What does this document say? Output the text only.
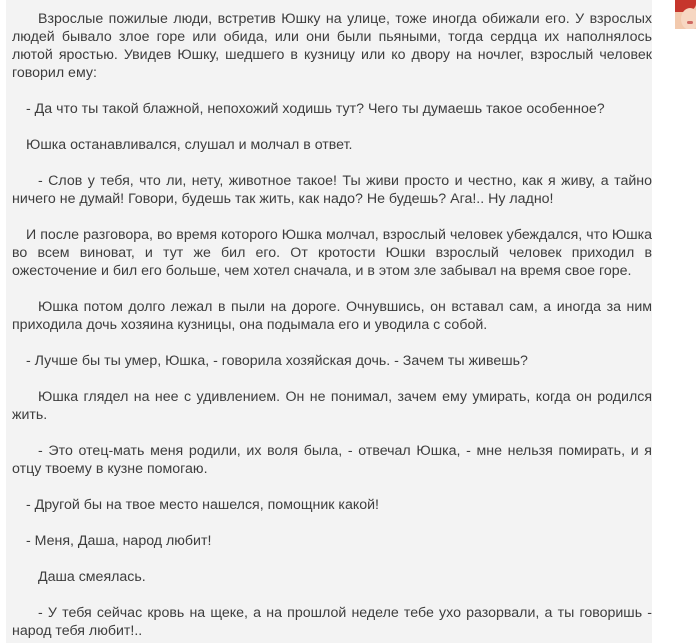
Взрослые пожилые люди, встретив Юшку на улице, тоже иногда обижали его. У взрослых людей бывало злое горе или обида, или они были пьяными, тогда сердца их наполнялось лютой яростью. Увидев Юшку, шедшего в кузницу или ко двору на ночлег, взрослый человек говорил ему:

- Да что ты такой блажной, непохожий ходишь тут? Чего ты думаешь такое особенное?

Юшка останавливался, слушал и молчал в ответ.

- Слов у тебя, что ли, нету, животное такое! Ты живи просто и честно, как я живу, а тайно ничего не думай! Говори, будешь так жить, как надо? Не будешь? Ага!.. Ну ладно!

И после разговора, во время которого Юшка молчал, взрослый человек убеждался, что Юшка во всем виноват, и тут же бил его. От кротости Юшки взрослый человек приходил в ожесточение и бил его больше, чем хотел сначала, и в этом зле забывал на время свое горе.

Юшка потом долго лежал в пыли на дороге. Очнувшись, он вставал сам, а иногда за ним приходила дочь хозяина кузницы, она подымала его и уводила с собой.

- Лучше бы ты умер, Юшка, - говорила хозяйская дочь. - Зачем ты живешь?

Юшка глядел на нее с удивлением. Он не понимал, зачем ему умирать, когда он родился жить.

- Это отец-мать меня родили, их воля была, - отвечал Юшка, - мне нельзя помирать, и я отцу твоему в кузне помогаю.

- Другой бы на твое место нашелся, помощник какой!

- Меня, Даша, народ любит!

Даша смеялась.

- У тебя сейчас кровь на щеке, а на прошлой неделе тебе ухо разорвали, а ты говоришь - народ тебя любит!..
